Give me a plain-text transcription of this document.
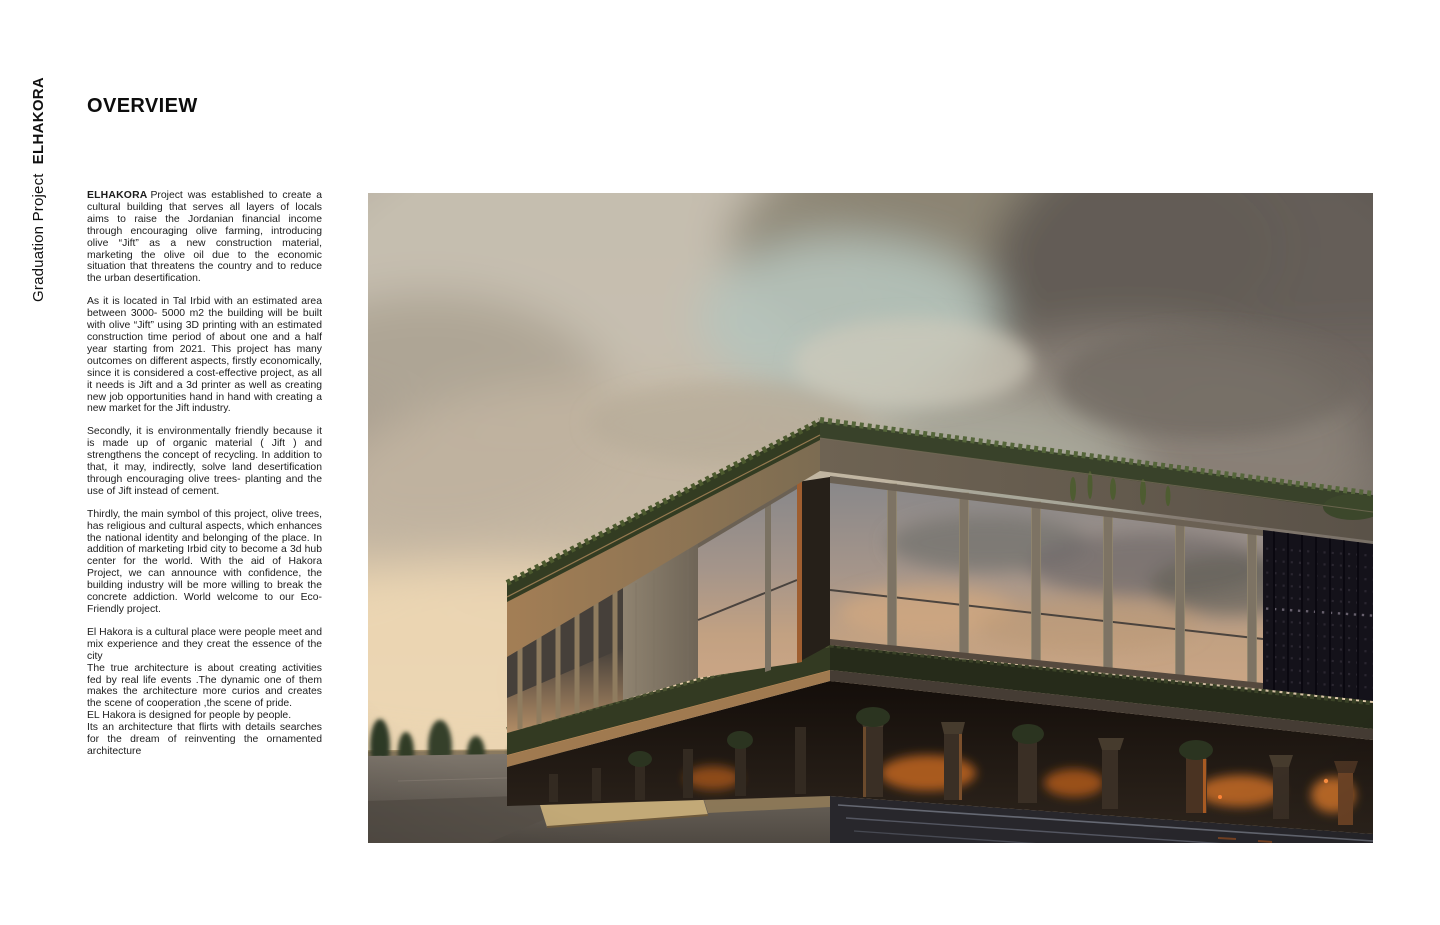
Graduation ProjectELHAKORA OVERVIEW

ELHAKORA Project was established to create a cultural building that serves all layers of locals aims to raise the Jordanian financial income through encouraging olive farming, introducing olive “Jift” as a new construction material, marketing the olive oil due to the economic situation that threatens the country and to reduce the urban desertification.

As it is located in Tal Irbid with an estimated area between 3000- 5000 m2 the building will be built with olive “Jift” using 3D printing with an estimated construction time period of about one and a half year starting from 2021. This project has many outcomes on different aspects, firstly economically, since it is considered a cost-effective project, as all it needs is Jift and a 3d printer as well as creating new job opportunities hand in hand with creating a new market for the Jift industry.

Secondly, it is environmentally friendly because it is made up of organic material ( Jift ) and strengthens the concept of recycling. In addition to that, it may, indirectly, solve land desertification through encouraging olive trees- planting and the use of Jift instead of cement.

Thirdly, the main symbol of this project, olive trees, has religious and cultural aspects, which enhances the national identity and belonging of the place. In addition of marketing Irbid city to become a 3d hub center for the world. With the aid of Hakora Project, we can announce with confidence, the building industry will be more willing to break the concrete addiction. World welcome to our Eco-Friendly project.

El Hakora is a cultural place were people meet and mix experience and they creat the essence of the city

The true architecture is about creating activities fed by real life events .The dynamic one of them makes the architecture more curios and creates the scene of cooperation ,the scene of pride.

EL Hakora is designed for people by people.

Its an architecture that flirts with details searches for the dream of reinventing the ornamented architecture
